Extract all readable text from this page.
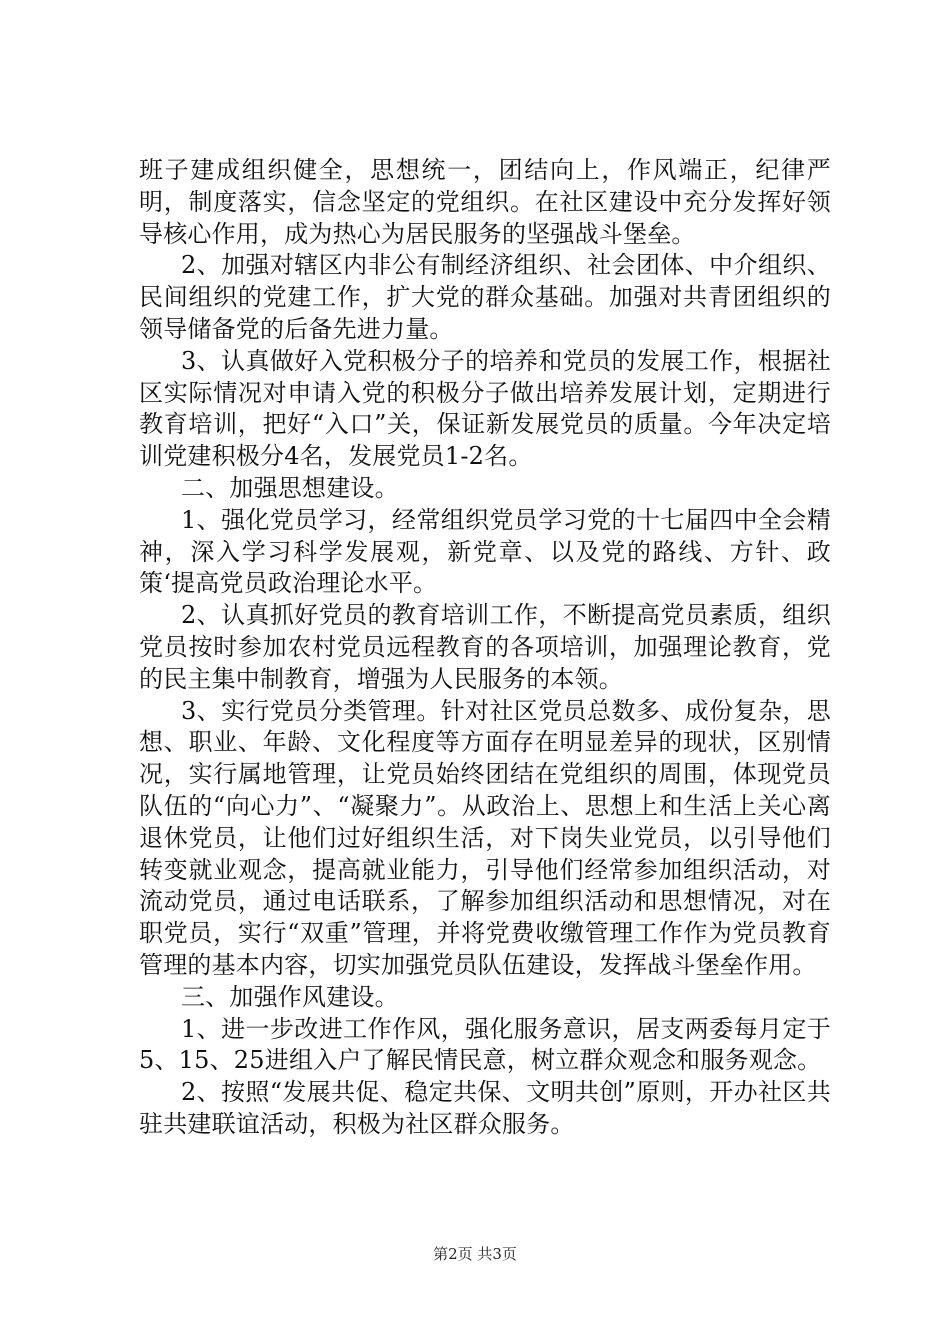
班子建成组织健全，思想统一，团结向上，作风端正，纪律严明，制度落实，信念坚定的党组织。在社区建设中充分发挥好领导核心作用，成为热心为居民服务的坚强战斗堡垒。

2、加强对辖区内非公有制经济组织、社会团体、中介组织、民间组织的党建工作，扩大党的群众基础。加强对共青团组织的领导储备党的后备先进力量。

3、认真做好入党积极分子的培养和党员的发展工作，根据社区实际情况对申请入党的积极分子做出培养发展计划，定期进行教育培训，把好“入口”关，保证新发展党员的质量。今年决定培训党建积极分4名，发展党员1-2名。

二、加强思想建设。

1、强化党员学习，经常组织党员学习党的十七届四中全会精神，深入学习科学发展观，新党章、以及党的路线、方针、政策‘提高党员政治理论水平。

2、认真抓好党员的教育培训工作，不断提高党员素质，组织党员按时参加农村党员远程教育的各项培训，加强理论教育，党的民主集中制教育，增强为人民服务的本领。

3、实行党员分类管理。针对社区党员总数多、成份复杂，思想、职业、年龄、文化程度等方面存在明显差异的现状，区别情况，实行属地管理，让党员始终团结在党组织的周围，体现党员队伍的“向心力”、“凝聚力”。从政治上、思想上和生活上关心离退休党员，让他们过好组织生活，对下岗失业党员，以引导他们转变就业观念，提高就业能力，引导他们经常参加组织活动，对流动党员，通过电话联系，了解参加组织活动和思想情况，对在职党员，实行“双重”管理，并将党费收缴管理工作作为党员教育管理的基本内容，切实加强党员队伍建设，发挥战斗堡垒作用。

三、加强作风建设。

1、进一步改进工作作风，强化服务意识，居支两委每月定于5、15、25进组入户了解民情民意，树立群众观念和服务观念。

2、按照“发展共促、稳定共保、文明共创”原则，开办社区共驻共建联谊活动，积极为社区群众服务。

第2页 共3页
